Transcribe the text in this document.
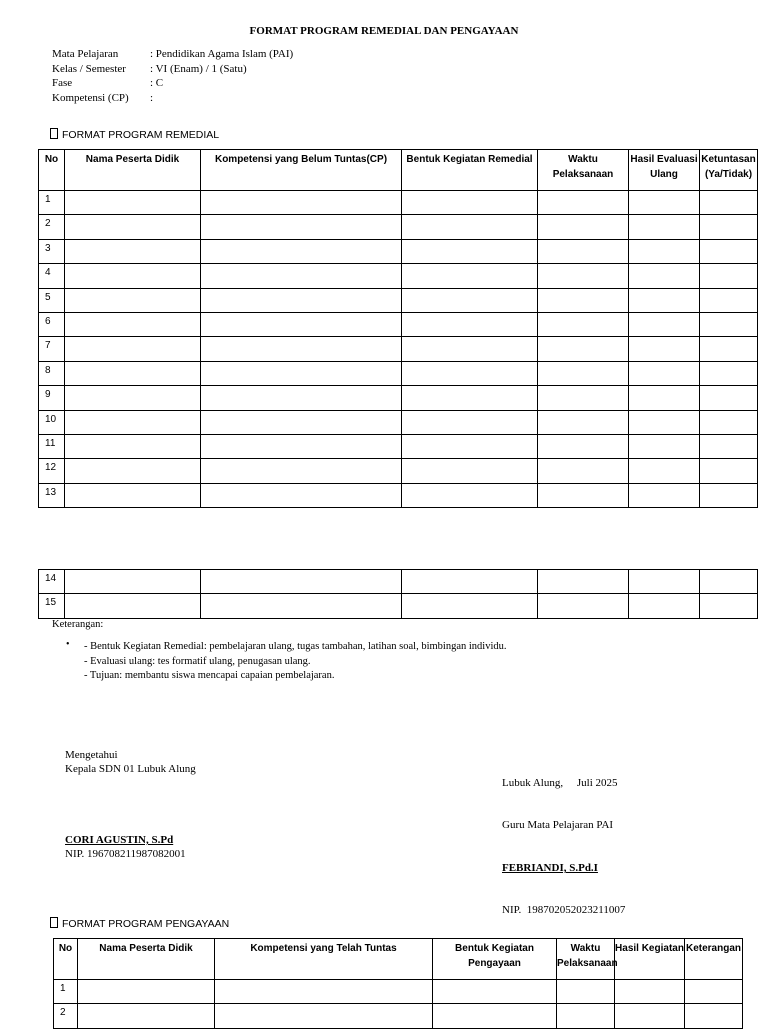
FORMAT PROGRAM REMEDIAL DAN PENGAYAAN
Mata Pelajaran	: Pendidikan Agama Islam (PAI)
Kelas / Semester	: VI (Enam) / 1 (Satu)
Fase	: C
Kompetensi (CP)	:
FORMAT PROGRAM REMEDIAL
No	Nama Peserta Didik	Kompetensi yang Belum Tuntas(CP)	Bentuk Kegiatan Remedial	Waktu Pelaksanaan	Hasil Evaluasi Ulang	Ketuntasan (Ya/Tidak)
1						
2						
3						
4						
5						
6						
7						
8						
9						
10						
11						
12						
13						
14						
15						
Keterangan:
• - Bentuk Kegiatan Remedial: pembelajaran ulang, tugas tambahan, latihan soal, bimbingan individu.
- Evaluasi ulang: tes formatif ulang, penugasan ulang.
- Tujuan: membantu siswa mencapai capaian pembelajaran.
Mengetahui
Kepala SDN 01 Lubuk Alung
CORI AGUSTIN, S.Pd
NIP. 196708211987082001

Lubuk Alung,     Juli 2025

Guru Mata Pelajaran PAI

FEBRIANDI, S.Pd.I

NIP.  198702052023211007

FORMAT PROGRAM PENGAYAAN
No	Nama Peserta Didik	Kompetensi yang Telah Tuntas	Bentuk Kegiatan Pengayaan	Waktu Pelaksanaan	Hasil Kegiatan	Keterangan
1						
2						
